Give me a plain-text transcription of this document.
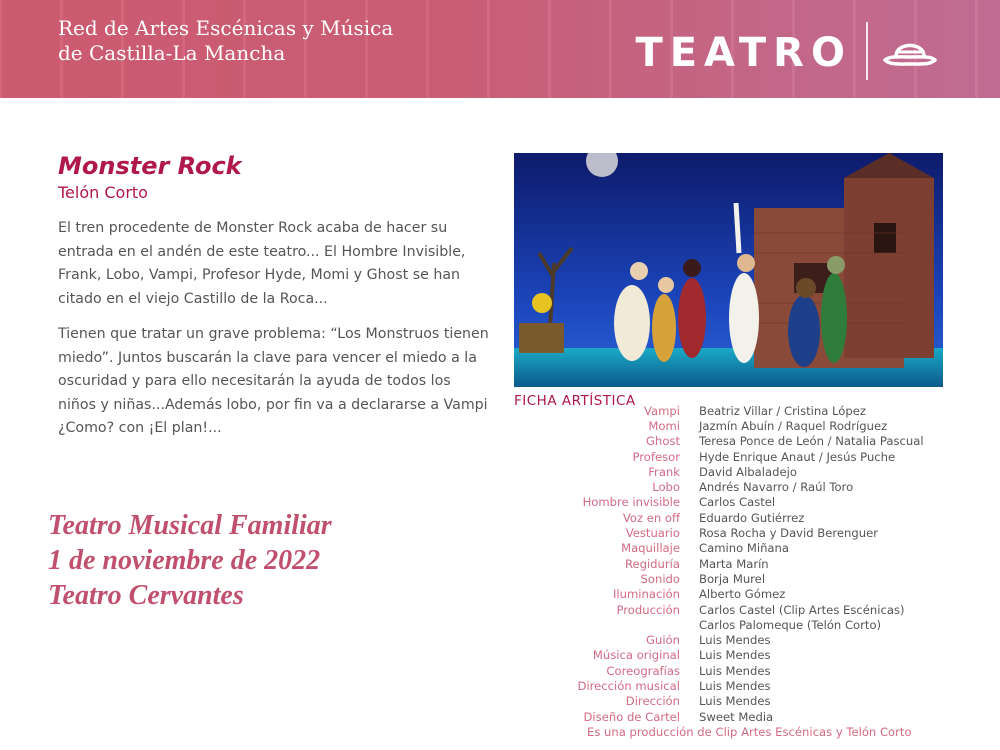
Red de Artes Escénicas y Música
de Castilla-La Mancha	TEATRO
Monster Rock
Telón Corto

El tren procedente de Monster Rock acaba de hacer su entrada en el andén de este teatro... El Hombre Invisible, Frank, Lobo, Vampi, Profesor Hyde, Momi y Ghost se han citado en el viejo Castillo de la Roca...

Tienen que tratar un grave problema: “Los Monstruos tienen miedo”. Juntos buscarán la clave para vencer el miedo a la oscuridad y para ello necesitarán la ayuda de todos los niños y niñas...Además lobo, por fin va a declararse a Vampi ¿Como? con ¡El plan!...

Teatro Musical Familiar
1 de noviembre de 2022
Teatro Cervantes
FICHA ARTÍSTICA
Vampi Beatriz Villar / Cristina López
Momi Jazmín Abuín / Raquel Rodríguez
Ghost Teresa Ponce de León / Natalia Pascual
Profesor Hyde Enrique Anaut / Jesús Puche
Frank David Albaladejo
Lobo Andrés Navarro / Raúl Toro
Hombre invisible Carlos Castel
Voz en off Eduardo Gutiérrez
Vestuario Rosa Rocha y David Berenguer
Maquillaje Camino Miñana
Regiduría Marta Marín
Sonido Borja Murel
Iluminación Alberto Gómez
Producción Carlos Castel (Clip Artes Escénicas)
Carlos Palomeque (Telón Corto)
Guión Luis Mendes
Música original Luis Mendes
Coreografías Luis Mendes
Dirección musical Luis Mendes
Dirección Luis Mendes
Diseño de Cartel Sweet Media
Es una producción de Clip Artes Escénicas y Telón Corto
